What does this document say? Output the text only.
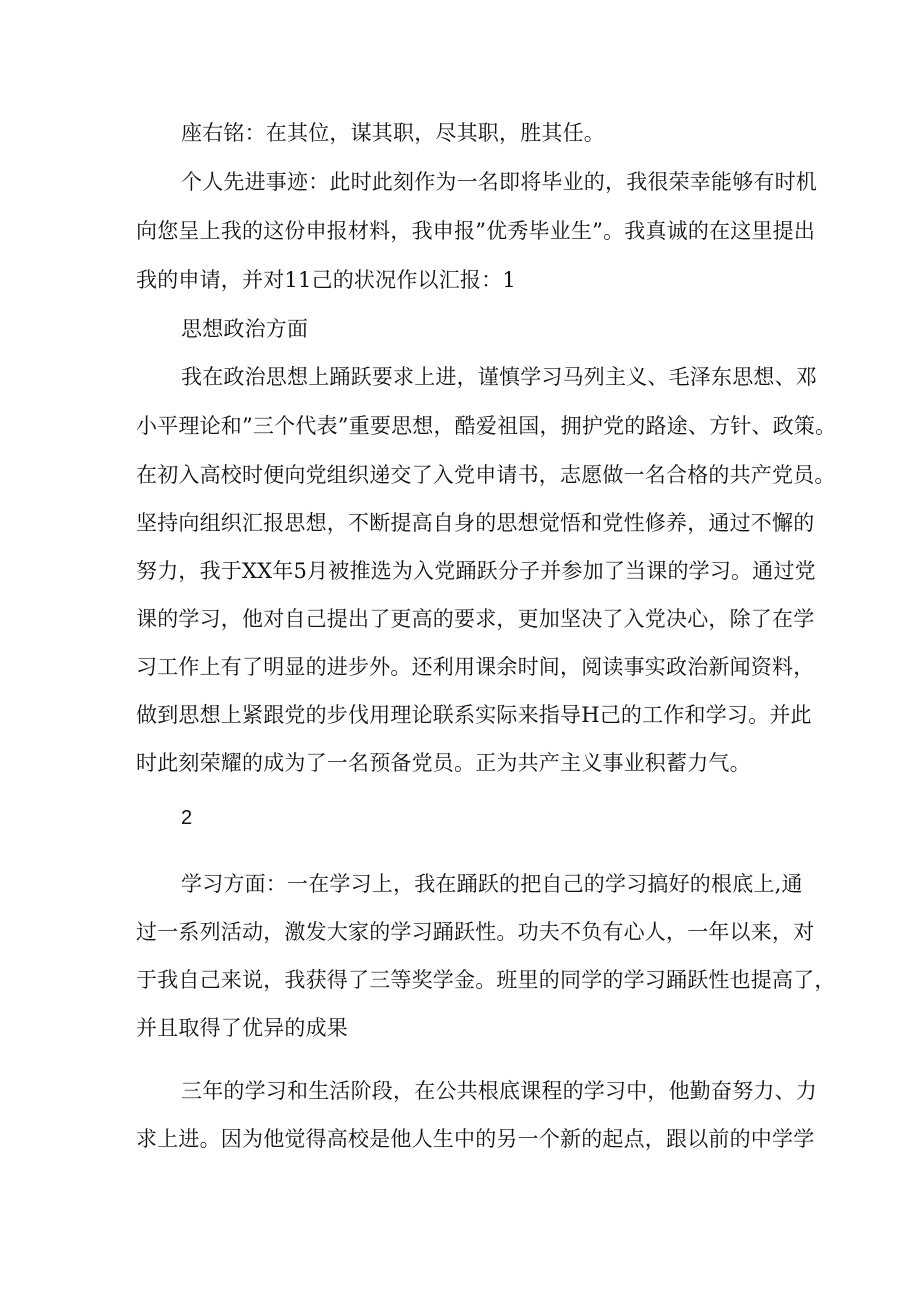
座右铭：在其位，谋其职，尽其职，胜其任。
个人先进事迹：此时此刻作为一名即将毕业的，我很荣幸能够有时机
向您呈上我的这份申报材料，我申报”优秀毕业生”。我真诚的在这里提出
我的申请，并对11己的状况作以汇报：1
思想政治方面
我在政治思想上踊跃要求上进，谨慎学习马列主义、毛泽东思想、邓
小平理论和”三个代表”重要思想，酷爱祖国，拥护党的路途、方针、政策。
在初入高校时便向党组织递交了入党申请书，志愿做一名合格的共产党员。
坚持向组织汇报思想，不断提高自身的思想觉悟和党性修养，通过不懈的
努力，我于XX年5月被推选为入党踊跃分子并参加了当课的学习。通过党
课的学习，他对自己提出了更高的要求，更加坚决了入党决心，除了在学
习工作上有了明显的进步外。还利用课余时间，阅读事实政治新闻资料，
做到思想上紧跟党的步伐用理论联系实际来指导H己的工作和学习。并此
时此刻荣耀的成为了一名预备党员。正为共产主义事业积蓄力气。
2
学习方面：一在学习上，我在踊跃的把自己的学习搞好的根底上,通
过一系列活动，激发大家的学习踊跃性。功夫不负有心人，一年以来，对
于我自己来说，我获得了三等奖学金。班里的同学的学习踊跃性也提高了，
并且取得了优异的成果
三年的学习和生活阶段，在公共根底课程的学习中，他勤奋努力、力
求上进。因为他觉得高校是他人生中的另一个新的起点，跟以前的中学学
